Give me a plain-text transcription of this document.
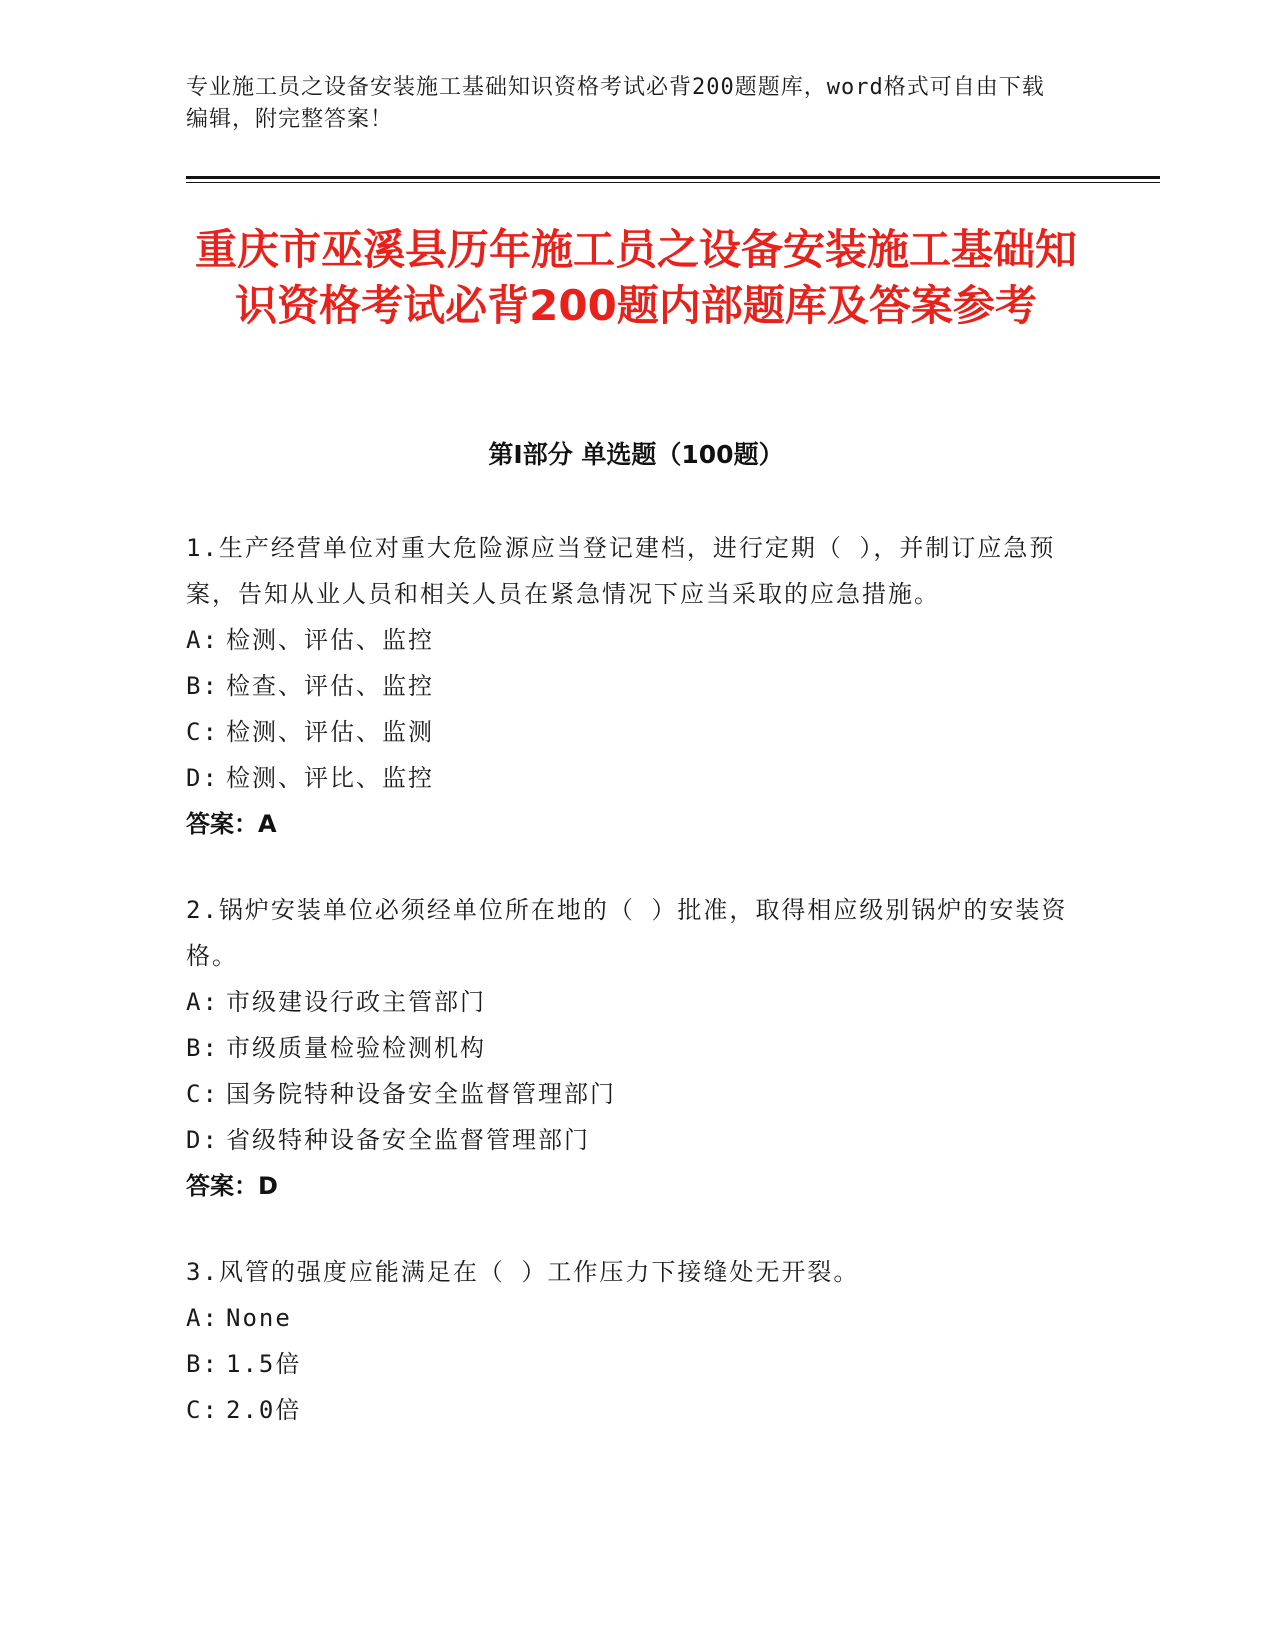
专业施工员之设备安装施工基础知识资格考试必背200题题库，word格式可自由下载编辑，附完整答案！
重庆市巫溪县历年施工员之设备安装施工基础知识资格考试必背200题内部题库及答案参考
第Ⅰ部分 单选题（100题）
1.生产经营单位对重大危险源应当登记建档，进行定期（ ），并制订应急预案，告知从业人员和相关人员在紧急情况下应当采取的应急措施。
A: 检测、评估、监控
B: 检查、评估、监控
C: 检测、评估、监测
D: 检测、评比、监控
答案：A
2.锅炉安装单位必须经单位所在地的（ ）批准，取得相应级别锅炉的安装资格。
A: 市级建设行政主管部门
B: 市级质量检验检测机构
C: 国务院特种设备安全监督管理部门
D: 省级特种设备安全监督管理部门
答案：D
3.风管的强度应能满足在（ ）工作压力下接缝处无开裂。
A: None
B: 1.5倍
C: 2.0倍
